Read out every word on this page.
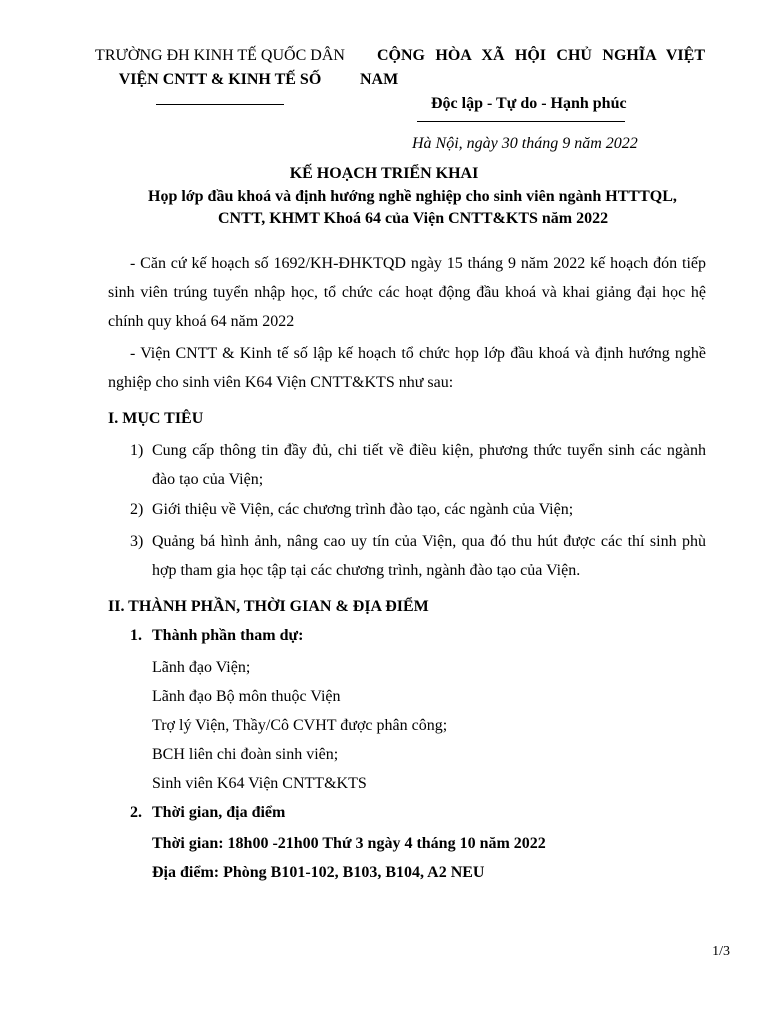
TRƯỜNG ĐH KINH TẾ QUỐC DÂN
VIỆN CNTT & KINH TẾ SỐ
CỘNG HÒA XÃ HỘI CHỦ NGHĨA VIỆT
NAM
Độc lập - Tự do - Hạnh phúc
Hà Nội, ngày 30 tháng 9 năm 2022
KẾ HOẠCH TRIỂN KHAI
Họp lớp đầu khoá và định hướng nghề nghiệp cho sinh viên ngành HTTTQL,
CNTT, KHMT Khoá 64 của Viện CNTT&KTS năm 2022
- Căn cứ kế hoạch số 1692/KH-ĐHKTQD ngày 15 tháng 9 năm 2022 kế hoạch đón tiếp
sinh viên trúng tuyển nhập học, tổ chức các hoạt động đầu khoá và khai giảng đại học hệ
chính quy khoá 64 năm 2022
- Viện CNTT & Kinh tế số lập kế hoạch tổ chức họp lớp đầu khoá và định hướng nghề
nghiệp cho sinh viên K64 Viện CNTT&KTS như sau:
I. MỤC TIÊU
1) Cung cấp thông tin đầy đủ, chi tiết về điều kiện, phương thức tuyển sinh các ngành
đào tạo của Viện;
2) Giới thiệu về Viện, các chương trình đào tạo, các ngành của Viện;
3) Quảng bá hình ảnh, nâng cao uy tín của Viện, qua đó thu hút được các thí sinh phù
hợp tham gia học tập tại các chương trình, ngành đào tạo của Viện.
II. THÀNH PHẦN, THỜI GIAN & ĐỊA ĐIỂM
1. Thành phần tham dự:
Lãnh đạo Viện;
Lãnh đạo Bộ môn thuộc Viện
Trợ lý Viện, Thầy/Cô CVHT được phân công;
BCH liên chi đoàn sinh viên;
Sinh viên K64 Viện CNTT&KTS
2. Thời gian, địa điểm
Thời gian: 18h00 -21h00 Thứ 3 ngày 4 tháng 10 năm 2022
Địa điểm: Phòng B101-102, B103, B104, A2 NEU
1/3
